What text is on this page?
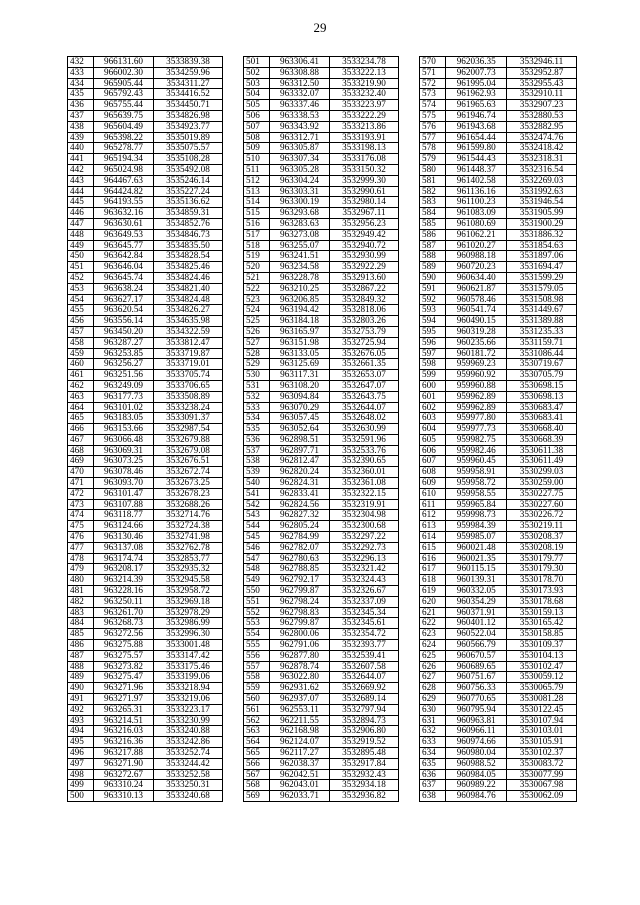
29
432	966131.60	3533839.38
433	966002.30	3534259.96
434	965905.44	3534311.27
435	965792.43	3534416.52
436	965755.44	3534450.71
437	965639.75	3534826.98
438	965604.49	3534923.77
439	965398.22	3535019.89
440	965278.77	3535075.57
441	965194.34	3535108.28
442	965024.98	3535492.08
443	964467.63	3535246.14
444	964424.82	3535227.24
445	964193.55	3535136.62
446	963632.16	3534859.31
447	963630.61	3534852.76
448	963649.53	3534846.73
449	963645.77	3534835.50
450	963642.84	3534828.54
451	963646.04	3534825.46
452	963645.74	3534824.46
453	963638.24	3534821.40
454	963627.17	3534824.48
455	963620.54	3534826.27
456	963556.14	3534635.98
457	963450.20	3534322.59
458	963287.27	3533812.47
459	963253.85	3533719.87
460	963256.27	3533719.01
461	963251.56	3533705.74
462	963249.09	3533706.65
463	963177.73	3533508.89
464	963101.02	3533238.24
465	963183.05	3533091.37
466	963153.66	3532987.54
467	963066.48	3532679.88
468	963069.31	3532679.08
469	963073.25	3532676.51
470	963078.46	3532672.74
471	963093.70	3532673.25
472	963101.47	3532678.23
473	963107.88	3532688.26
474	963118.77	3532714.76
475	963124.66	3532724.38
476	963130.46	3532741.98
477	963137.08	3532762.78
478	963174.74	3532853.77
479	963208.17	3532935.32
480	963214.39	3532945.58
481	963228.16	3532958.72
482	963250.11	3532969.18
483	963261.70	3532978.29
484	963268.73	3532986.99
485	963272.56	3532996.30
486	963275.88	3533001.48
487	963275.57	3533147.42
488	963273.82	3533175.46
489	963275.47	3533199.06
490	963271.96	3533218.94
491	963271.97	3533219.06
492	963265.31	3533223.17
493	963214.51	3533230.99
494	963216.03	3533240.88
495	963216.36	3533242.86
496	963217.88	3533252.74
497	963271.90	3533244.42
498	963272.67	3533252.58
499	963310.24	3533250.31
500	963310.13	3533240.68
501	963306.41	3533234.78
502	963308.88	3533222.13
503	963312.50	3533219.90
504	963332.07	3533232.40
505	963337.46	3533223.97
506	963338.53	3533222.29
507	963343.92	3533213.86
508	963312.71	3533193.91
509	963305.87	3533198.13
510	963307.34	3533176.08
511	963305.28	3533150.32
512	963304.24	3532999.30
513	963303.31	3532990.61
514	963300.19	3532980.14
515	963293.68	3532967.11
516	963283.63	3532956.23
517	963273.08	3532949.42
518	963255.07	3532940.72
519	963241.51	3532930.99
520	963234.58	3532922.29
521	963228.78	3532913.60
522	963210.25	3532867.22
523	963206.85	3532849.32
524	963194.42	3532818.06
525	963184.18	3532803.26
526	963165.97	3532753.79
527	963151.98	3532725.94
528	963133.05	3532676.05
529	963125.69	3532661.35
530	963117.31	3532653.07
531	963108.20	3532647.07
532	963094.84	3532643.75
533	963070.29	3532644.07
534	963057.45	3532648.02
535	963052.64	3532630.99
536	962898.51	3532591.96
537	962897.71	3532533.76
538	962812.47	3532390.65
539	962820.24	3532360.01
540	962824.31	3532361.08
541	962833.41	3532322.15
542	962824.56	3532319.91
543	962827.32	3532304.98
544	962805.24	3532300.68
545	962784.99	3532297.22
546	962782.07	3532292.73
547	962780.63	3532296.13
548	962788.85	3532321.42
549	962792.17	3532324.43
550	962799.87	3532326.67
551	962798.24	3532337.09
552	962798.83	3532345.34
553	962799.87	3532345.61
554	962800.06	3532354.72
555	962791.06	3532393.77
556	962877.80	3532539.41
557	962878.74	3532607.58
558	963022.80	3532644.07
559	962931.62	3532669.92
560	962937.07	3532689.14
561	962553.11	3532797.94
562	962211.55	3532894.73
563	962168.98	3532906.80
564	962124.07	3532919.52
565	962117.27	3532895.48
566	962038.37	3532917.84
567	962042.51	3532932.43
568	962043.01	3532934.18
569	962033.71	3532936.82
570	962036.35	3532946.11
571	962007.73	3532952.87
572	961995.04	3532955.43
573	961962.93	3532910.11
574	961965.63	3532907.23
575	961946.74	3532880.53
576	961943.68	3532882.95
577	961654.44	3532474.76
578	961599.80	3532418.42
579	961544.43	3532318.31
580	961448.37	3532316.54
581	961402.58	3532269.03
582	961136.16	3531992.63
583	961100.23	3531946.54
584	961083.09	3531905.99
585	961080.69	3531900.29
586	961062.21	3531886.32
587	961020.27	3531854.63
588	960988.18	3531897.06
589	960720.23	3531694.47
590	960634.40	3531599.29
591	960621.87	3531579.05
592	960578.46	3531508.98
593	960541.74	3531449.67
594	960490.15	3531389.88
595	960319.28	3531235.33
596	960235.66	3531159.71
597	960181.72	3531086.44
598	959969.23	3530719.67
599	959960.92	3530705.79
600	959960.88	3530698.15
601	959962.89	3530698.13
602	959962.89	3530683.47
603	959977.80	3530683.41
604	959977.73	3530668.40
605	959982.75	3530668.39
606	959982.46	3530611.38
607	959960.45	3530611.49
608	959958.91	3530299.03
609	959958.72	3530259.00
610	959958.55	3530227.75
611	959965.84	3530227.60
612	959998.73	3530226.72
613	959984.39	3530219.11
614	959985.07	3530208.37
615	960021.48	3530208.19
616	960021.35	3530179.77
617	960115.15	3530179.30
618	960139.31	3530178.70
619	960332.05	3530173.93
620	960354.29	3530178.68
621	960371.91	3530159.13
622	960401.12	3530165.42
623	960522.04	3530158.85
624	960566.79	3530109.37
625	960670.57	3530104.13
626	960689.65	3530102.47
627	960751.67	3530059.12
628	960756.33	3530065.79
629	960770.65	3530081.28
630	960795.94	3530122.45
631	960963.81	3530107.94
632	960966.11	3530103.01
633	960974.66	3530105.91
634	960980.04	3530102.37
635	960988.52	3530083.72
636	960984.05	3530077.99
637	960989.22	3530067.98
638	960984.76	3530062.09
